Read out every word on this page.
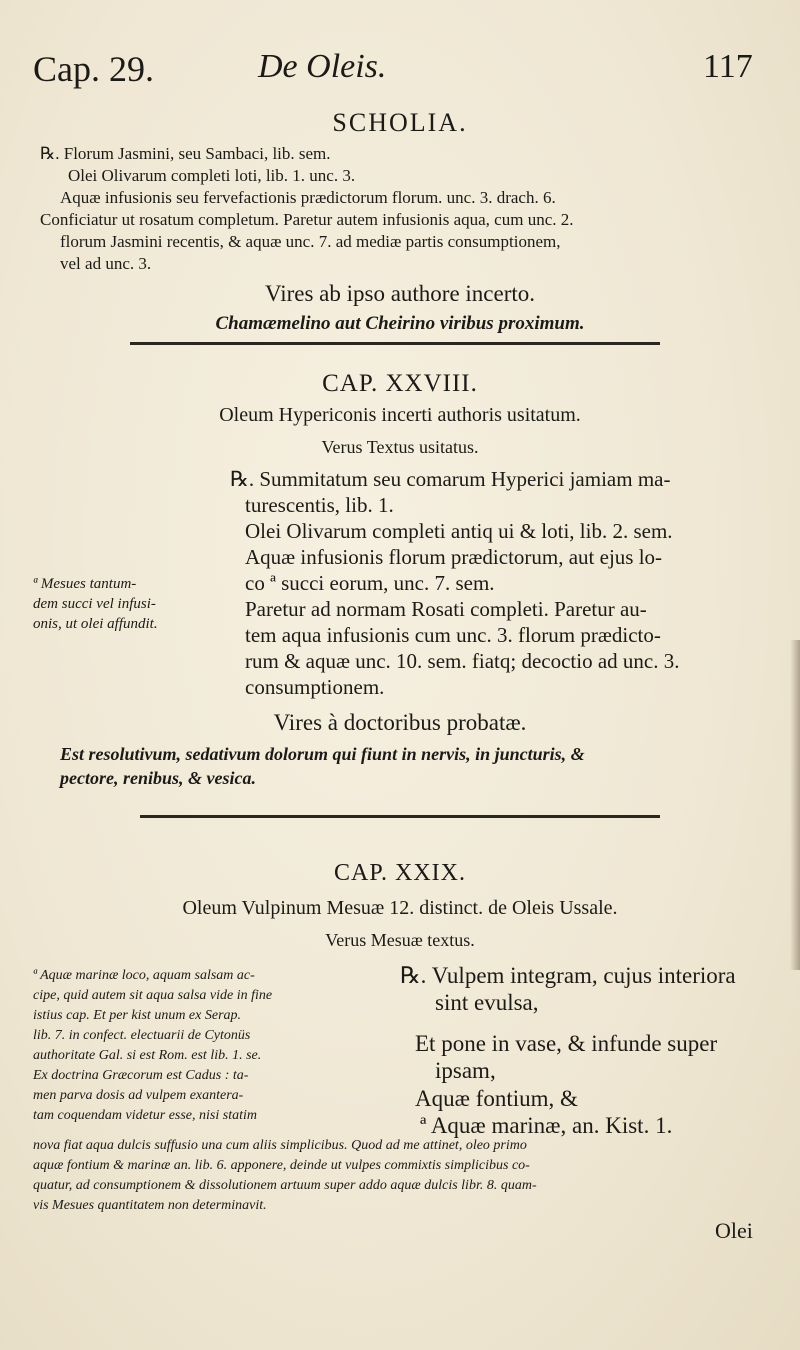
Cap. 29.	De Oleis.	117
SCHOLIA.
℞. Florum Jasmini, seu Sambaci, lib. sem.
Olei Olivarum completi loti, lib. 1. unc. 3.
Aquæ infusionis seu fervefactionis prædictorum florum. unc. 3. drach. 6.
Conficiatur ut rosatum completum. Paretur autem infusionis aqua, cum unc. 2.
florum Jasmini recentis, & aquæ unc. 7. ad mediæ partis consumptionem,
vel ad unc. 3.
Vires ab ipso authore incerto.
Chamæmelino aut Cheirino viribus proximum.
CAP. XXVIII.
Oleum Hypericonis incerti authoris usitatum.
Verus Textus usitatus.
℞. Summitatum seu comarum Hyperici jamiam ma-
turescentis, lib. 1.
Olei Olivarum completi antiq ui & loti, lib. 2. sem.
Aquæ infusionis florum prædictorum, aut ejus lo-
co ª succi eorum, unc. 7. sem.
Paretur ad normam Rosati completi. Paretur au-
tem aqua infusionis cum unc. 3. florum prædicto-
rum & aquæ unc. 10. sem. fiatq; decoctio ad unc. 3.
consumptionem.
ª Mesues tantum-
dem succi vel infusi-
onis, ut olei affundit.
Vires à doctoribus probatæ.
Est resolutivum, sedativum dolorum qui fiunt in nervis, in juncturis, &
pectore, renibus, & vesica.
CAP. XXIX.
Oleum Vulpinum Mesuæ 12. distinct. de Oleis Ussale.
Verus Mesuæ textus.
ª Aquæ marinæ loco, aquam salsam ac-
cipe, quid autem sit aqua salsa vide in fine
istius cap. Et per kist unum ex Serap.
lib. 7. in confect. electuarii de Cytonüs
authoritate Gal. si est Rom. est lib. 1. se.
Ex doctrina Græcorum est Cadus : ta-
men parva dosis ad vulpem exantera-
tam coquendam videtur esse, nisi statim
℞. Vulpem integram, cujus interiora
sint evulsa,
Et pone in vase, & infunde super
ipsam,
Aquæ fontium, &
ª Aquæ marinæ, an. Kist. 1.
nova fiat aqua dulcis suffusio una cum aliis simplicibus. Quod ad me attinet, oleo primo
aquæ fontium & marinæ an. lib. 6. apponere, deinde ut vulpes commixtis simplicibus co-
quatur, ad consumptionem & dissolutionem artuum super addo aquæ dulcis libr. 8. quam-
vis Mesues quantitatem non determinavit.
Olei
